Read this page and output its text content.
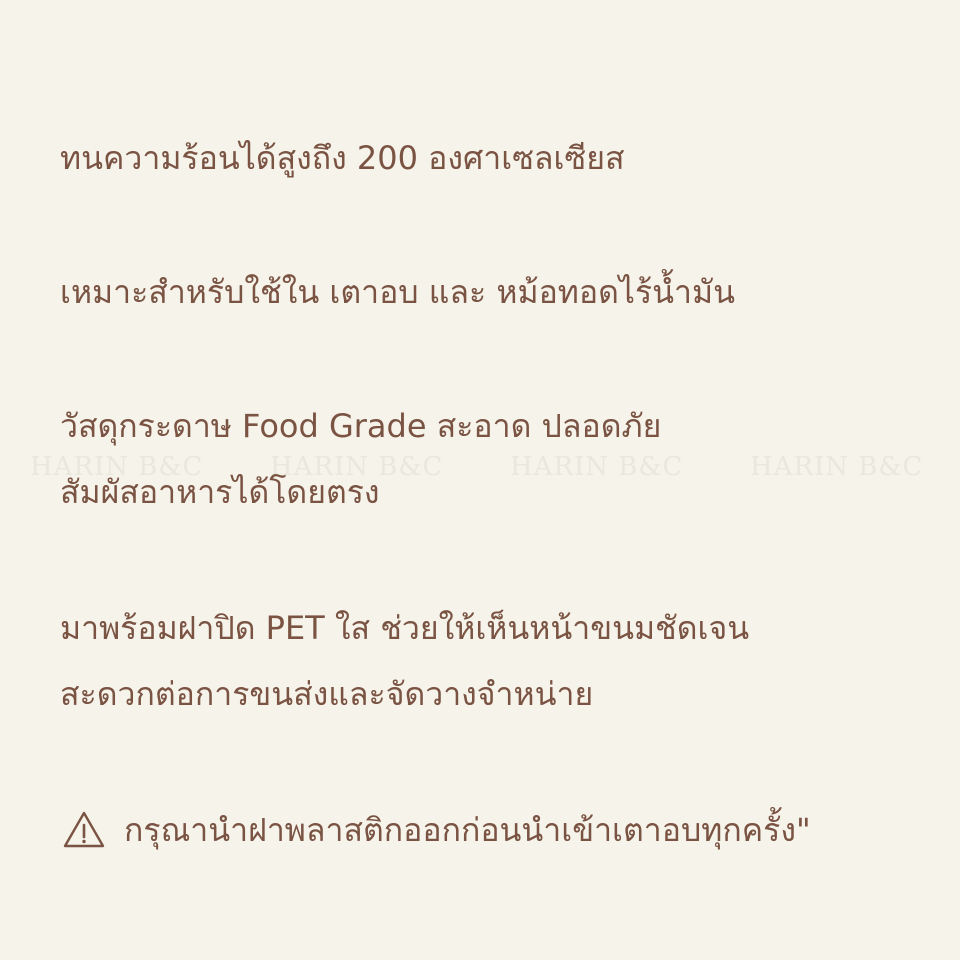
HARIN B&C	HARIN B&C	HARIN B&C	HARIN B&C
ทนความร้อนได้สูงถึง 200 องศาเซลเซียส
เหมาะสำหรับใช้ใน เตาอบ และ หม้อทอดไร้น้ำมัน
วัสดุกระดาษ Food Grade สะอาด ปลอดภัย
สัมผัสอาหารได้โดยตรง
มาพร้อมฝาปิด PET ใส ช่วยให้เห็นหน้าขนมชัดเจน
สะดวกต่อการขนส่งและจัดวางจำหน่าย
กรุณานำฝาพลาสติกออกก่อนนำเข้าเตาอบทุกครั้ง"
